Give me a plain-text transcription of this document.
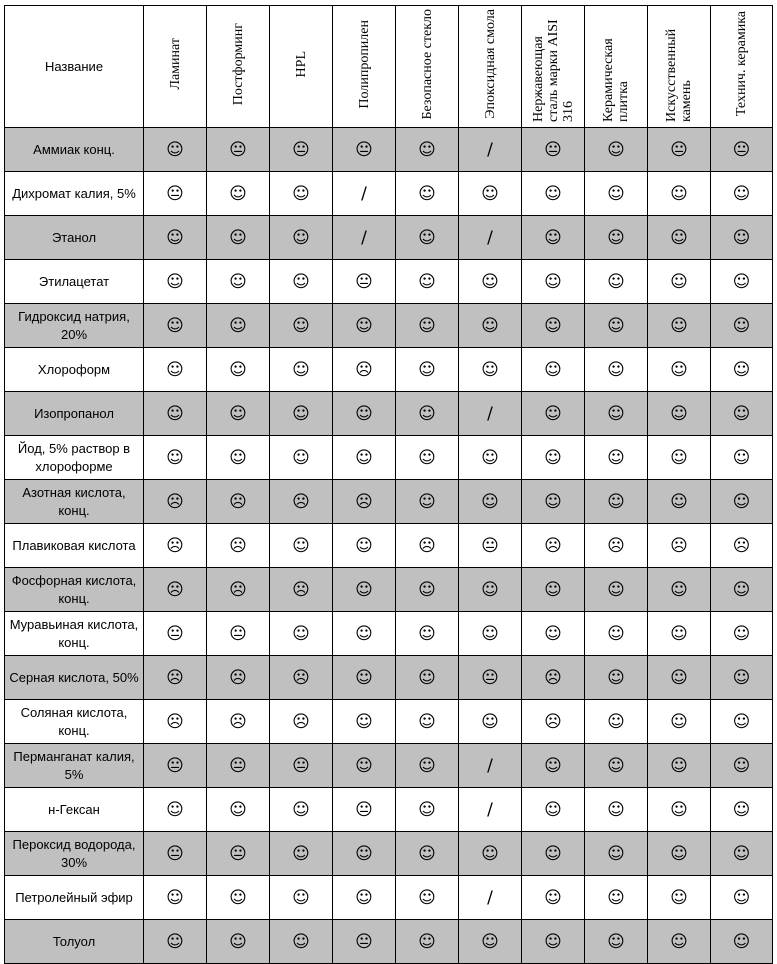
Название	Ламинат	Постформинг	HPL	Полипропилен	Безопасное стекло	Эпоксидная смола	Нержавеющая сталь марки AISI 316	Керамическая плитка	Искусственный камень	Технич. керамика
Аммиак конц.	☺	😐	😐	😐	☺	/	😐	☺	😐	😐
Дихромат калия, 5%	😐	☺	☺	/	☺	☺	☺	☺	☺	☺
Этанол	☺	☺	☺	/	☺	/	☺	☺	☺	☺
Этилацетат	☺	☺	☺	😐	☺	☺	☺	☺	☺	☺
Гидроксид натрия, 20%	☺	☺	☺	☺	☺	☺	☺	☺	☺	☺
Хлороформ	☺	☺	☺	☹	☺	☺	☺	☺	☺	☺
Изопропанол	☺	☺	☺	☺	☺	/	☺	☺	☺	☺
Йод, 5% раствор в хлороформе	☺	☺	☺	☺	☺	☺	☺	☺	☺	☺
Азотная кислота, конц.	☹	☹	☹	☹	☺	☺	☺	☺	☺	☺
Плавиковая кислота	☹	☹	☺	☺	☹	😐	☹	☹	☹	☹
Фосфорная кислота, конц.	☹	☹	☹	☺	☺	☺	☺	☺	☺	☺
Муравьиная кислота, конц.	😐	😐	☺	☺	☺	☺	☺	☺	☺	☺
Серная кислота, 50%	☹	☹	☹	☺	☺	😐	☹	☺	☺	☺
Соляная кислота, конц.	☹	☹	☹	☺	☺	☺	☹	☺	☺	☺
Перманганат калия, 5%	😐	😐	😐	☺	☺	/	☺	☺	☺	☺
н-Гексан	☺	☺	☺	😐	☺	/	☺	☺	☺	☺
Пероксид водорода, 30%	😐	😐	☺	☺	☺	☺	☺	☺	☺	☺
Петролейный эфир	☺	☺	☺	☺	☺	/	☺	☺	☺	☺
Толуол	☺	☺	☺	😐	☺	☺	☺	☺	☺	☺
